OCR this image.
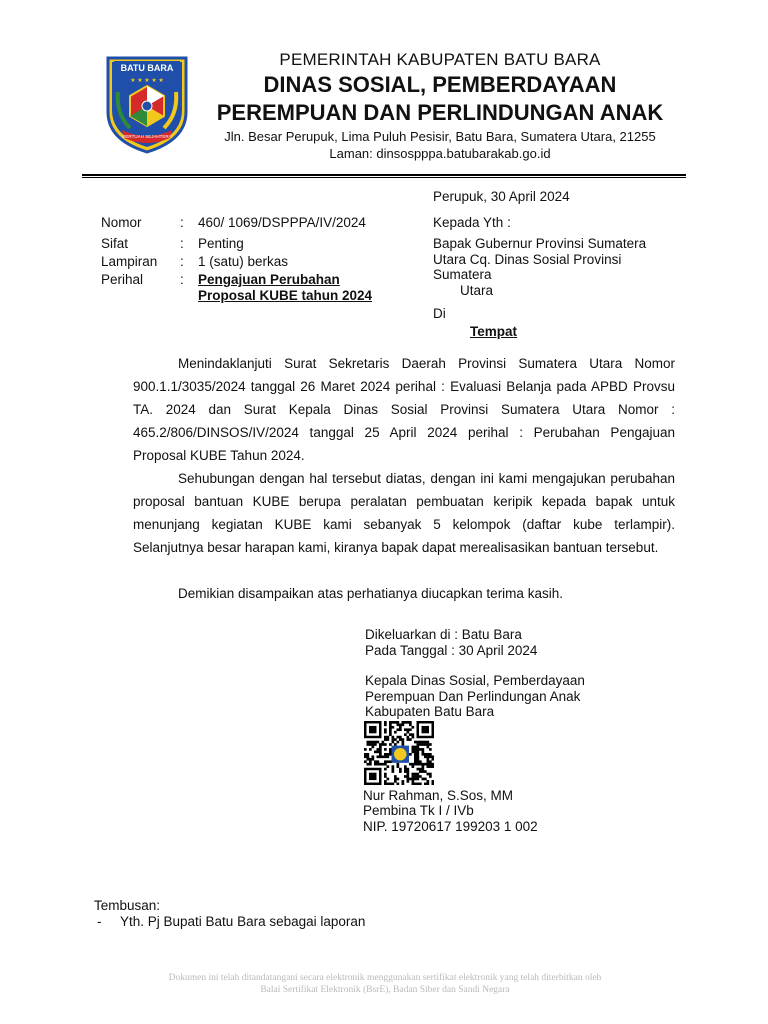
BATU BARA
★ ★ ★ ★ ★
BERTUAH SEJAHTERA
PEMERINTAH KABUPATEN BATU BARA
DINAS SOSIAL, PEMBERDAYAAN
PEREMPUAN DAN PERLINDUNGAN ANAK
Jln. Besar Perupuk, Lima Puluh Pesisir, Batu Bara, Sumatera Utara, 21255
Laman: dinsospppa.batubarakab.go.id
Perupuk, 30 April 2024
Nomor	: 460/ 1069/DSPPPA/IV/2024
Sifat	: Penting
Lampiran : 1 (satu) berkas
Perihal	: Pengajuan Perubahan
Proposal KUBE tahun 2024
Kepada Yth :
Bapak Gubernur Provinsi Sumatera
Utara Cq. Dinas Sosial Provinsi
Sumatera
Utara
Di
Tempat
Menindaklanjuti Surat Sekretaris Daerah Provinsi Sumatera Utara Nomor 900.1.1/3035/2024 tanggal 26 Maret 2024 perihal : Evaluasi Belanja pada APBD Provsu TA. 2024 dan Surat Kepala Dinas Sosial Provinsi Sumatera Utara Nomor : 465.2/806/DINSOS/IV/2024 tanggal 25 April 2024 perihal : Perubahan Pengajuan Proposal KUBE Tahun 2024.
Sehubungan dengan hal tersebut diatas, dengan ini kami mengajukan perubahan proposal bantuan KUBE berupa peralatan pembuatan keripik kepada bapak untuk menunjang kegiatan KUBE kami sebanyak 5 kelompok (daftar kube terlampir). Selanjutnya besar harapan kami, kiranya bapak dapat merealisasikan bantuan tersebut.
Demikian disampaikan atas perhatianya diucapkan terima kasih.
Dikeluarkan di : Batu Bara
Pada Tanggal : 30 April 2024
Kepala Dinas Sosial, Pemberdayaan
Perempuan Dan Perlindungan Anak
Kabupaten Batu Bara
Nur Rahman, S.Sos, MM
Pembina Tk I / IVb
NIP. 19720617 199203 1 002
Tembusan:
- Yth. Pj Bupati Batu Bara sebagai laporan
Dokumen ini telah ditandatangani secara elektronik menggunakan sertifikat elektronik yang telah diterbitkan oleh
Balai Sertifikat Elektronik (BsrE), Badan Siber dan Sandi Negara
